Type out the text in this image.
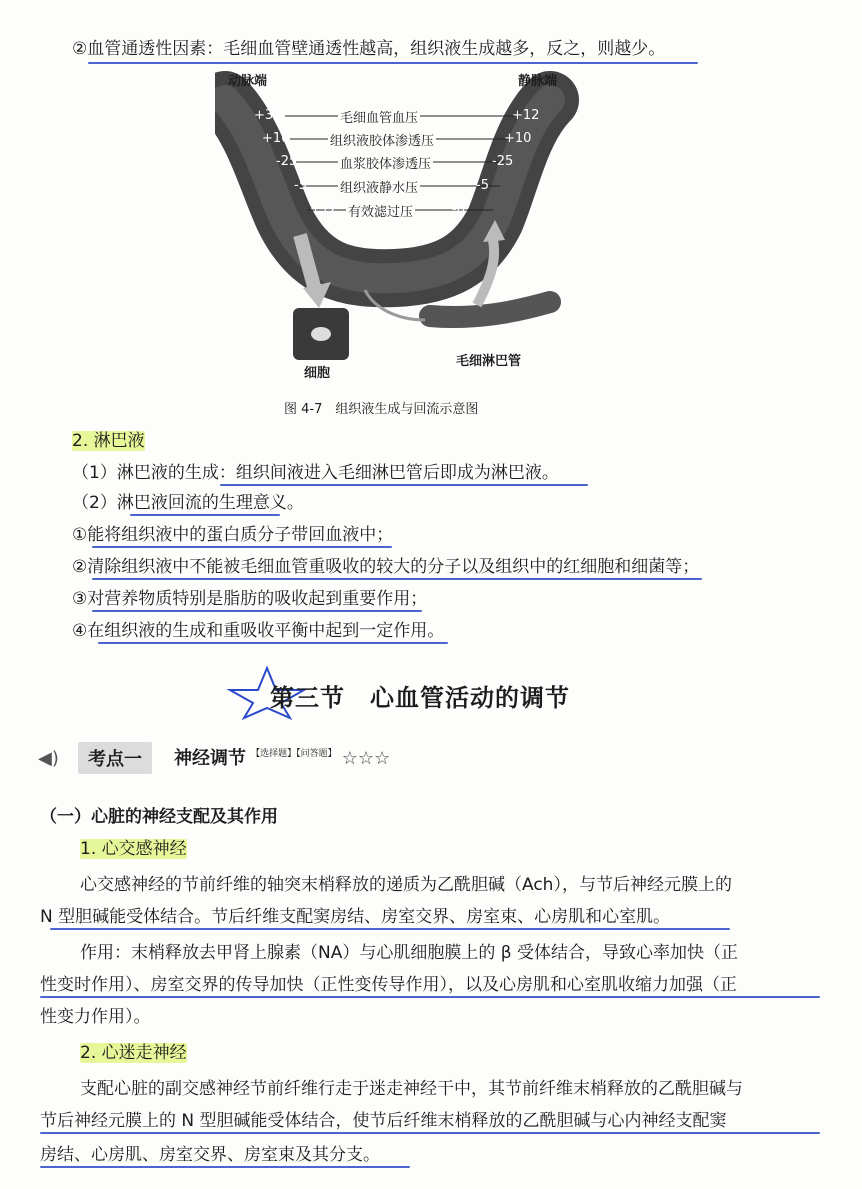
②血管通透性因素：毛细血管壁通透性越高，组织液生成越多，反之，则越少。
动脉端	静脉端
+32	毛细血管血压	+12
+10	组织液胶体渗透压	+10
-25	血浆胶体渗透压	-25
-5	组织液静水压	-5
+12 有效滤过压	-8
细胞
毛细淋巴管
图 4-7　组织液生成与回流示意图
2. 淋巴液
（1）淋巴液的生成：组织间液进入毛细淋巴管后即成为淋巴液。
（2）淋巴液回流的生理意义。
①能将组织液中的蛋白质分子带回血液中；
②清除组织液中不能被毛细血管重吸收的较大的分子以及组织中的红细胞和细菌等；
③对营养物质特别是脂肪的吸收起到重要作用；
④在组织液的生成和重吸收平衡中起到一定作用。
第三节　心血管活动的调节
◀)	考点一	神经调节 $^{【选择题】【问答题】}$ ☆☆☆
（一）心脏的神经支配及其作用
1. 心交感神经
心交感神经的节前纤维的轴突末梢释放的递质为乙酰胆碱（Ach），与节后神经元膜上的
N 型胆碱能受体结合。节后纤维支配窦房结、房室交界、房室束、心房肌和心室肌。
作用：末梢释放去甲肾上腺素（NA）与心肌细胞膜上的 β 受体结合，导致心率加快（正
性变时作用）、房室交界的传导加快（正性变传导作用），以及心房肌和心室肌收缩力加强（正
性变力作用）。
2. 心迷走神经
支配心脏的副交感神经节前纤维行走于迷走神经干中，其节前纤维末梢释放的乙酰胆碱与
节后神经元膜上的 N 型胆碱能受体结合，使节后纤维末梢释放的乙酰胆碱与心内神经支配窦
房结、心房肌、房室交界、房室束及其分支。
